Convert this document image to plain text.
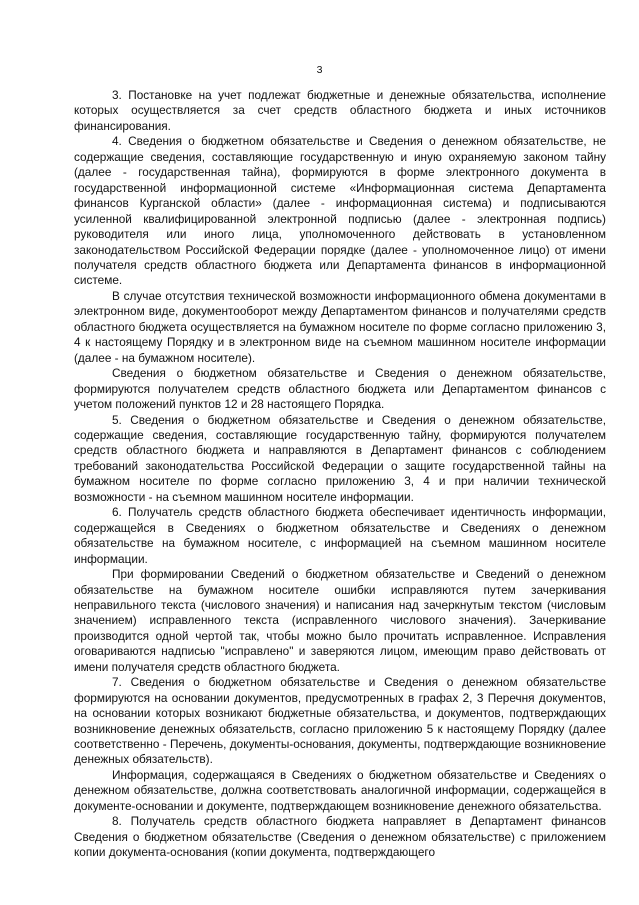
3

3. Постановке на учет подлежат бюджетные и денежные обязательства, исполнение которых осуществляется за счет средств областного бюджета и иных источников финансирования.

4. Сведения о бюджетном обязательстве и Сведения о денежном обязательстве, не содержащие сведения, составляющие государственную и иную охраняемую законом тайну (далее - государственная тайна), формируются в форме электронного документа в государственной информационной системе «Информационная система Департамента финансов Курганской области» (далее - информационная система) и подписываются усиленной квалифицированной электронной подписью (далее - электронная подпись) руководителя или иного лица, уполномоченного действовать в установленном законодательством Российской Федерации порядке (далее - уполномоченное лицо) от имени получателя средств областного бюджета или Департамента финансов в информационной системе.

В случае отсутствия технической возможности информационного обмена документами в электронном виде, документооборот между Департаментом финансов и получателями средств областного бюджета осуществляется на бумажном носителе по форме согласно приложению 3, 4 к настоящему Порядку и в электронном виде на съемном машинном носителе информации (далее - на бумажном носителе).

Сведения о бюджетном обязательстве и Сведения о денежном обязательстве, формируются получателем средств областного бюджета или Департаментом финансов с учетом положений пунктов 12 и 28 настоящего Порядка.

5. Сведения о бюджетном обязательстве и Сведения о денежном обязательстве, содержащие сведения, составляющие государственную тайну, формируются получателем средств областного бюджета и направляются в Департамент финансов с соблюдением требований законодательства Российской Федерации о защите государственной тайны на бумажном носителе по форме согласно приложению 3, 4 и при наличии технической возможности - на съемном машинном носителе информации.

6. Получатель средств областного бюджета обеспечивает идентичность информации, содержащейся в Сведениях о бюджетном обязательстве и Сведениях о денежном обязательстве на бумажном носителе, с информацией на съемном машинном носителе информации.

При формировании Сведений о бюджетном обязательстве и Сведений о денежном обязательстве на бумажном носителе ошибки исправляются путем зачеркивания неправильного текста (числового значения) и написания над зачеркнутым текстом (числовым значением) исправленного текста (исправленного числового значения). Зачеркивание производится одной чертой так, чтобы можно было прочитать исправленное. Исправления оговариваются надписью "исправлено" и заверяются лицом, имеющим право действовать от имени получателя средств областного бюджета.

7. Сведения о бюджетном обязательстве и Сведения о денежном обязательстве формируются на основании документов, предусмотренных в графах 2, 3 Перечня документов, на основании которых возникают бюджетные обязательства, и документов, подтверждающих возникновение денежных обязательств, согласно приложению 5 к настоящему Порядку (далее соответственно - Перечень, документы-основания, документы, подтверждающие возникновение денежных обязательств).

Информация, содержащаяся в Сведениях о бюджетном обязательстве и Сведениях о денежном обязательстве, должна соответствовать аналогичной информации, содержащейся в документе-основании и документе, подтверждающем возникновение денежного обязательства.

8. Получатель средств областного бюджета направляет в Департамент финансов Сведения о бюджетном обязательстве (Сведения о денежном обязательстве) с приложением копии документа-основания (копии документа, подтверждающего
